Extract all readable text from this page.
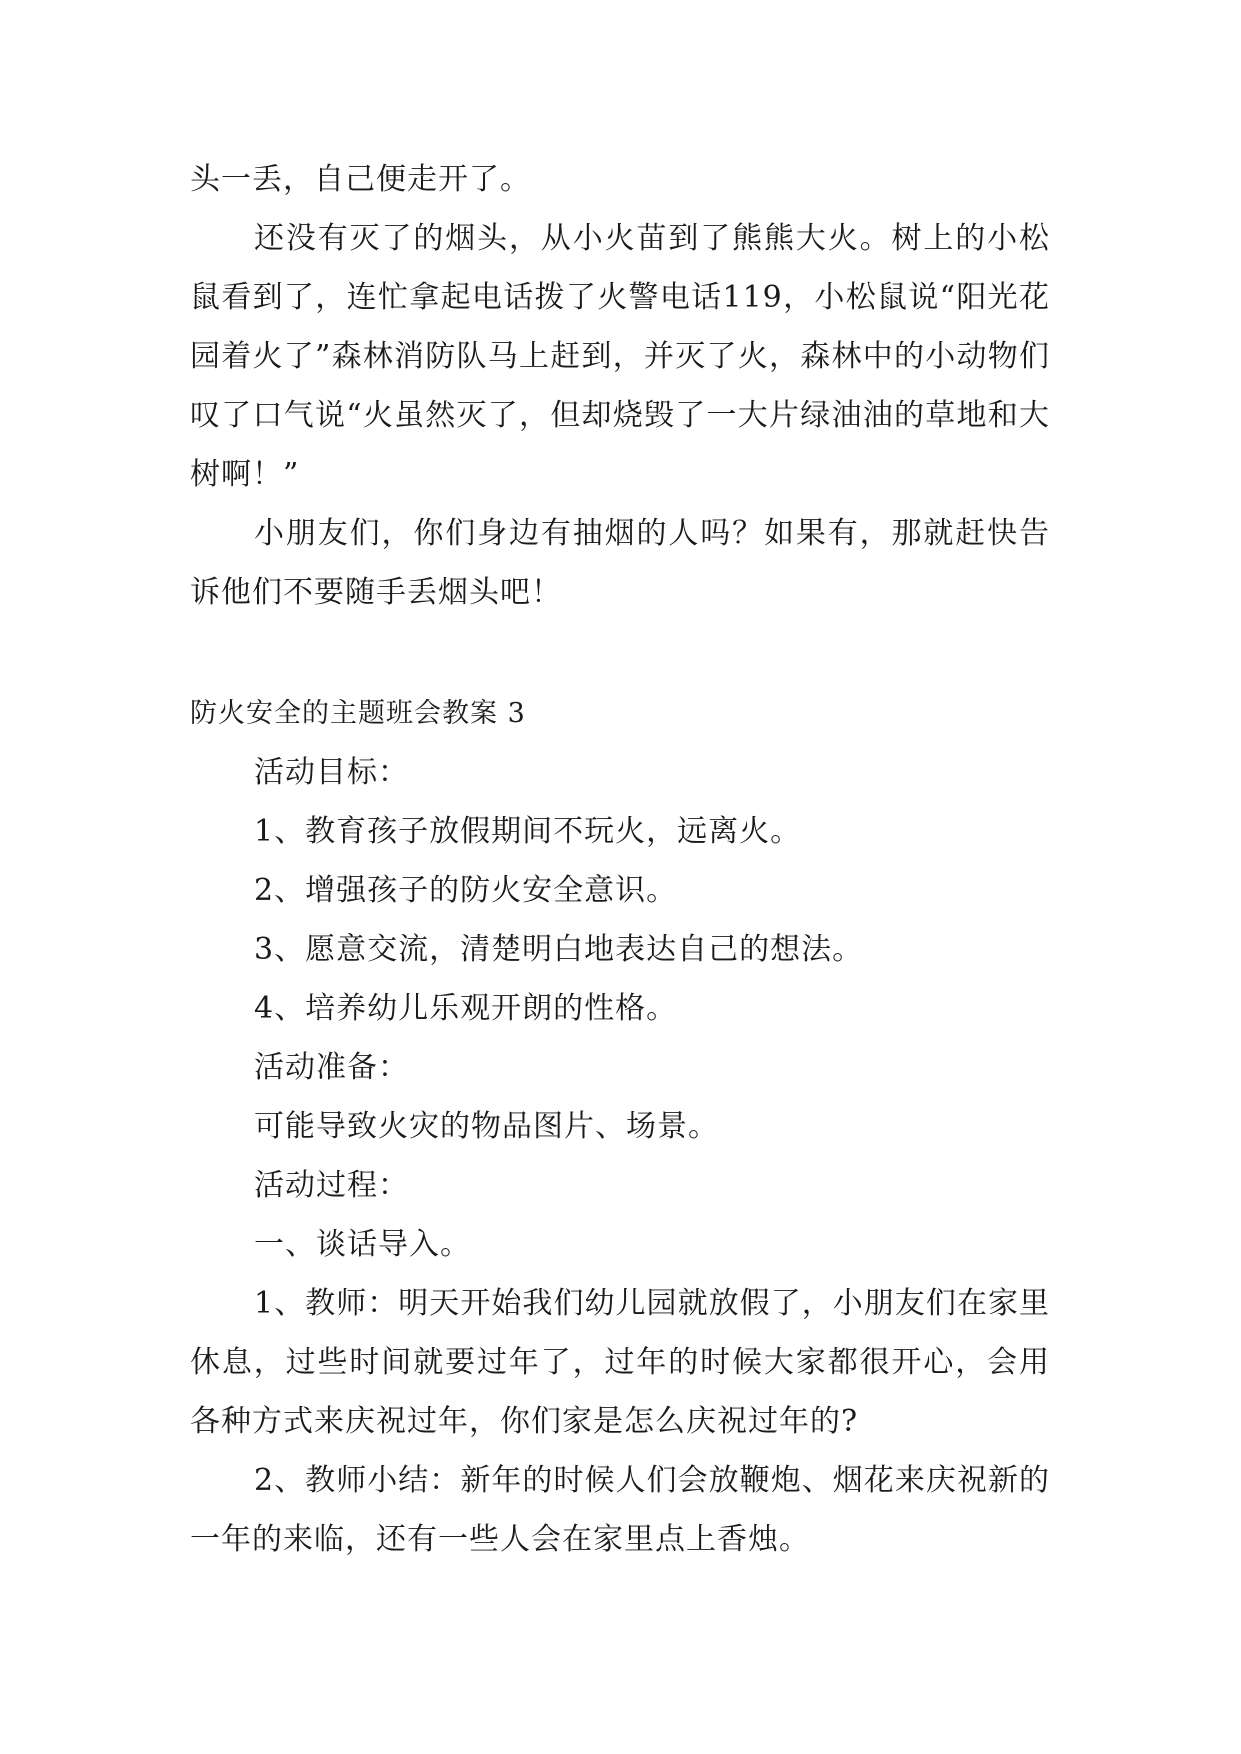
头一丢，自己便走开了。

还没有灭了的烟头，从小火苗到了熊熊大火。树上的小松鼠看到了，连忙拿起电话拨了火警电话119，小松鼠说“阳光花园着火了”森林消防队马上赶到，并灭了火，森林中的小动物们叹了口气说“火虽然灭了，但却烧毁了一大片绿油油的草地和大树啊！”

小朋友们，你们身边有抽烟的人吗？如果有，那就赶快告诉他们不要随手丢烟头吧！

防火安全的主题班会教案 3

活动目标：

1、教育孩子放假期间不玩火，远离火。

2、增强孩子的防火安全意识。

3、愿意交流，清楚明白地表达自己的想法。

4、培养幼儿乐观开朗的性格。

活动准备：

可能导致火灾的物品图片、场景。

活动过程：

一、谈话导入。

1、教师：明天开始我们幼儿园就放假了，小朋友们在家里休息，过些时间就要过年了，过年的时候大家都很开心，会用各种方式来庆祝过年，你们家是怎么庆祝过年的?

2、教师小结：新年的时候人们会放鞭炮、烟花来庆祝新的一年的来临，还有一些人会在家里点上香烛。
